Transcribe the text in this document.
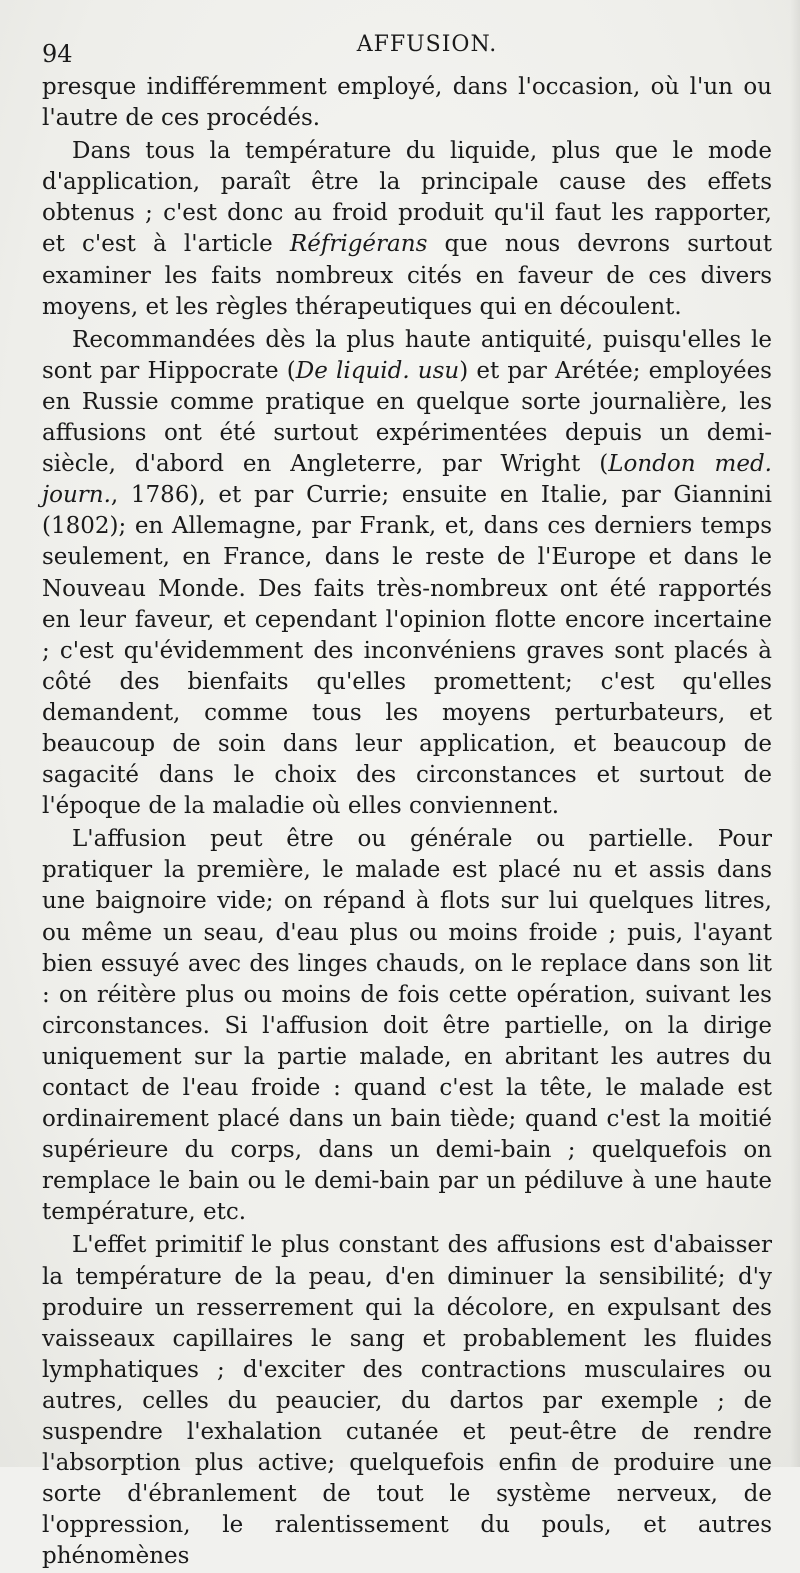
94	AFFUSION.

presque indifféremment employé, dans l'occasion, où l'un ou l'autre de ces procédés.

Dans tous la température du liquide, plus que le mode d'application, paraît être la principale cause des effets obtenus ; c'est donc au froid produit qu'il faut les rapporter, et c'est à l'article Réfrigérans que nous devrons surtout examiner les faits nombreux cités en faveur de ces divers moyens, et les règles thérapeutiques qui en découlent.

Recommandées dès la plus haute antiquité, puisqu'elles le sont par Hippocrate (De liquid. usu) et par Arétée; employées en Russie comme pratique en quelque sorte journalière, les affusions ont été surtout expérimentées depuis un demi-siècle, d'abord en Angleterre, par Wright (London med. journ., 1786), et par Currie; ensuite en Italie, par Giannini (1802); en Allemagne, par Frank, et, dans ces derniers temps seulement, en France, dans le reste de l'Europe et dans le Nouveau Monde. Des faits très-nombreux ont été rapportés en leur faveur, et cependant l'opinion flotte encore incertaine ; c'est qu'évidemment des inconvéniens graves sont placés à côté des bienfaits qu'elles promettent; c'est qu'elles demandent, comme tous les moyens perturbateurs, et beaucoup de soin dans leur application, et beaucoup de sagacité dans le choix des circonstances et surtout de l'époque de la maladie où elles conviennent.

L'affusion peut être ou générale ou partielle. Pour pratiquer la première, le malade est placé nu et assis dans une baignoire vide; on répand à flots sur lui quelques litres, ou même un seau, d'eau plus ou moins froide ; puis, l'ayant bien essuyé avec des linges chauds, on le replace dans son lit : on réitère plus ou moins de fois cette opération, suivant les circonstances. Si l'affusion doit être partielle, on la dirige uniquement sur la partie malade, en abritant les autres du contact de l'eau froide : quand c'est la tête, le malade est ordinairement placé dans un bain tiède; quand c'est la moitié supérieure du corps, dans un demi-bain ; quelquefois on remplace le bain ou le demi-bain par un pédiluve à une haute température, etc.

L'effet primitif le plus constant des affusions est d'abaisser la température de la peau, d'en diminuer la sensibilité; d'y produire un resserrement qui la décolore, en expulsant des vaisseaux capillaires le sang et probablement les fluides lymphatiques ; d'exciter des contractions musculaires ou autres, celles du peaucier, du dartos par exemple ; de suspendre l'exhalation cutanée et peut-être de rendre l'absorption plus active; quelquefois enfin de produire une sorte d'ébranlement de tout le système nerveux, de l'oppression, le ralentissement du pouls, et autres phénomènes
